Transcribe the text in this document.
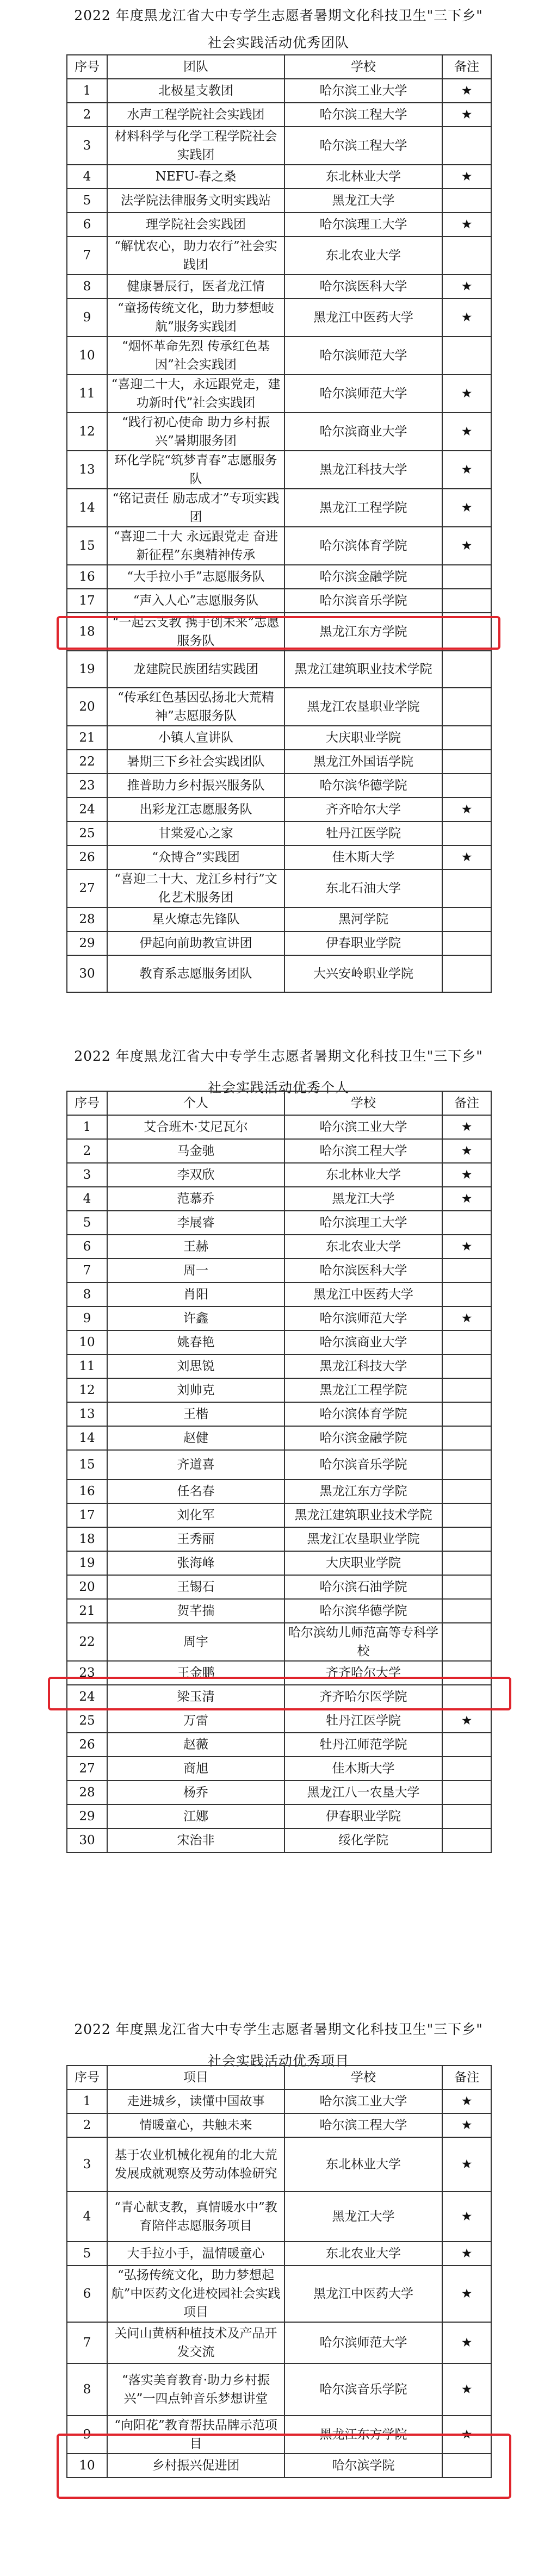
2022 年度黑龙江省大中专学生志愿者暑期文化科技卫生"三下乡"
社会实践活动优秀团队
序号	团队	学校	备注
1	北极星支教团	哈尔滨工业大学	★
2	水声工程学院社会实践团	哈尔滨工程大学	★
3	材料科学与化学工程学院社会实践团	哈尔滨工程大学	
4	NEFU-春之桑	东北林业大学	★
5	法学院法律服务文明实践站	黑龙江大学	
6	理学院社会实践团	哈尔滨理工大学	★
7	“解忧农心，助力农行”社会实践团	东北农业大学	
8	健康暑辰行，医者龙江情	哈尔滨医科大学	★
9	“童扬传统文化，助力梦想岐航”服务实践团	黑龙江中医药大学	★
10	“烟怀革命先烈 传承红色基因”社会实践团	哈尔滨师范大学	
11	“喜迎二十大，永远跟党走，建功新时代”社会实践团	哈尔滨师范大学	★
12	“践行初心使命 助力乡村振兴”暑期服务团	哈尔滨商业大学	★
13	环化学院“筑梦青春”志愿服务队	黑龙江科技大学	★
14	“铭记责任 励志成才”专项实践团	黑龙江工程学院	★
15	“喜迎二十大 永远跟党走 奋进新征程”东奥精神传承	哈尔滨体育学院	★
16	“大手拉小手”志愿服务队	哈尔滨金融学院	
17	“声入人心”志愿服务队	哈尔滨音乐学院	
18	“一起云支教 携手创未来”志愿服务队	黑龙江东方学院	
19	龙建院民族团结实践团	黑龙江建筑职业技术学院	
20	“传承红色基因弘扬北大荒精神”志愿服务队	黑龙江农垦职业学院	
21	小镇人宣讲队	大庆职业学院	
22	暑期三下乡社会实践团队	黑龙江外国语学院	
23	推普助力乡村振兴服务队	哈尔滨华德学院	
24	出彩龙江志愿服务队	齐齐哈尔大学	★
25	甘棠爱心之家	牡丹江医学院	
26	“众博合”实践团	佳木斯大学	★
27	“喜迎二十大、龙江乡村行”文化艺术服务团	东北石油大学	
28	星火燎志先锋队	黑河学院	
29	伊起向前助教宣讲团	伊春职业学院	
30	教育系志愿服务团队	大兴安岭职业学院	
2022 年度黑龙江省大中专学生志愿者暑期文化科技卫生"三下乡"
社会实践活动优秀个人
序号	个人	学校	备注
1	艾合班木·艾尼瓦尔	哈尔滨工业大学	★
2	马金驰	哈尔滨工程大学	★
3	李双欣	东北林业大学	★
4	范慕乔	黑龙江大学	★
5	李展睿	哈尔滨理工大学	
6	王赫	东北农业大学	★
7	周一	哈尔滨医科大学	
8	肖阳	黑龙江中医药大学	
9	许鑫	哈尔滨师范大学	★
10	姚春艳	哈尔滨商业大学	
11	刘思锐	黑龙江科技大学	
12	刘帅克	黑龙江工程学院	
13	王楷	哈尔滨体育学院	
14	赵健	哈尔滨金融学院	
15	齐道喜	哈尔滨音乐学院	
16	任名春	黑龙江东方学院	
17	刘化军	黑龙江建筑职业技术学院	
18	王秀丽	黑龙江农垦职业学院	
19	张海峰	大庆职业学院	
20	王锡石	哈尔滨石油学院	
21	贺芊揣	哈尔滨华德学院	
22	周宇	哈尔滨幼儿师范高等专科学校	
23	王金鹏	齐齐哈尔大学	
24	梁玉清	齐齐哈尔医学院	
25	万雷	牡丹江医学院	★
26	赵薇	牡丹江师范学院	
27	商旭	佳木斯大学	
28	杨乔	黑龙江八一农垦大学	
29	江娜	伊春职业学院	
30	宋治非	绥化学院	
2022 年度黑龙江省大中专学生志愿者暑期文化科技卫生"三下乡"
社会实践活动优秀项目
序号	项目	学校	备注
1	走进城乡，读懂中国故事	哈尔滨工业大学	★
2	情暖童心，共触未来	哈尔滨工程大学	★
3	基于农业机械化视角的北大荒发展成就观察及劳动体验研究	东北林业大学	★
4	“青心献支教，真情暖水中”教育陪伴志愿服务项目	黑龙江大学	★
5	大手拉小手，温情暖童心	东北农业大学	★
6	“弘扬传统文化，助力梦想起航”中医药文化进校园社会实践项目	黑龙江中医药大学	★
7	关问山黄柄种植技术及产品开发交流	哈尔滨师范大学	★
8	“落实美育教育·助力乡村振兴”一四点钟音乐梦想讲堂	哈尔滨音乐学院	★
9	“向阳花”教育帮扶品牌示范项目	黑龙江东方学院	★
10	乡村振兴促进团	哈尔滨学院	
